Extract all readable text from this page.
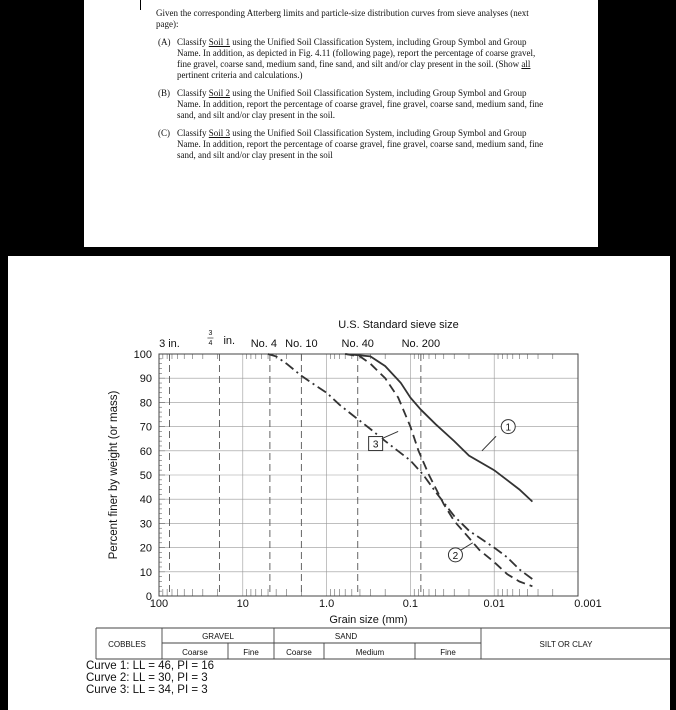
Given the corresponding Atterberg limits and particle-size distribution curves from sieve analyses (next page):

(A) Classify Soil 1 using the Unified Soil Classification System, including Group Symbol and Group Name. In addition, as depicted in Fig. 4.11 (following page), report the percentage of coarse gravel, fine gravel, coarse sand, medium sand, fine sand, and silt and/or clay present in the soil. (Show all pertinent criteria and calculations.)
(B) Classify Soil 2 using the Unified Soil Classification System, including Group Symbol and Group Name. In addition, report the percentage of coarse gravel, fine gravel, coarse sand, medium sand, fine sand, and silt and/or clay present in the soil.
(C) Classify Soil 3 using the Unified Soil Classification System, including Group Symbol and Group Name. In addition, report the percentage of coarse gravel, fine gravel, coarse sand, medium sand, fine sand, and silt and/or clay present in the soil
3 in.
3
4 in. No. 4 No. 10 No. 40	No. 200
U.S. Standard sieve size
1
2
3
0
10
20
30
40
50
60
70
80
90
100
100	10	1.0	0.1	0.01	0.001
Grain size (mm)
Percent finer by weight (or mass)
COBBLES
GRAVEL
Coarse	Fine
SAND
Coarse	Medium	Fine
SILT OR CLAY
Curve 1: LL = 46, PI = 16
Curve 2: LL = 30, PI = 3
Curve 3: LL = 34, PI = 3
